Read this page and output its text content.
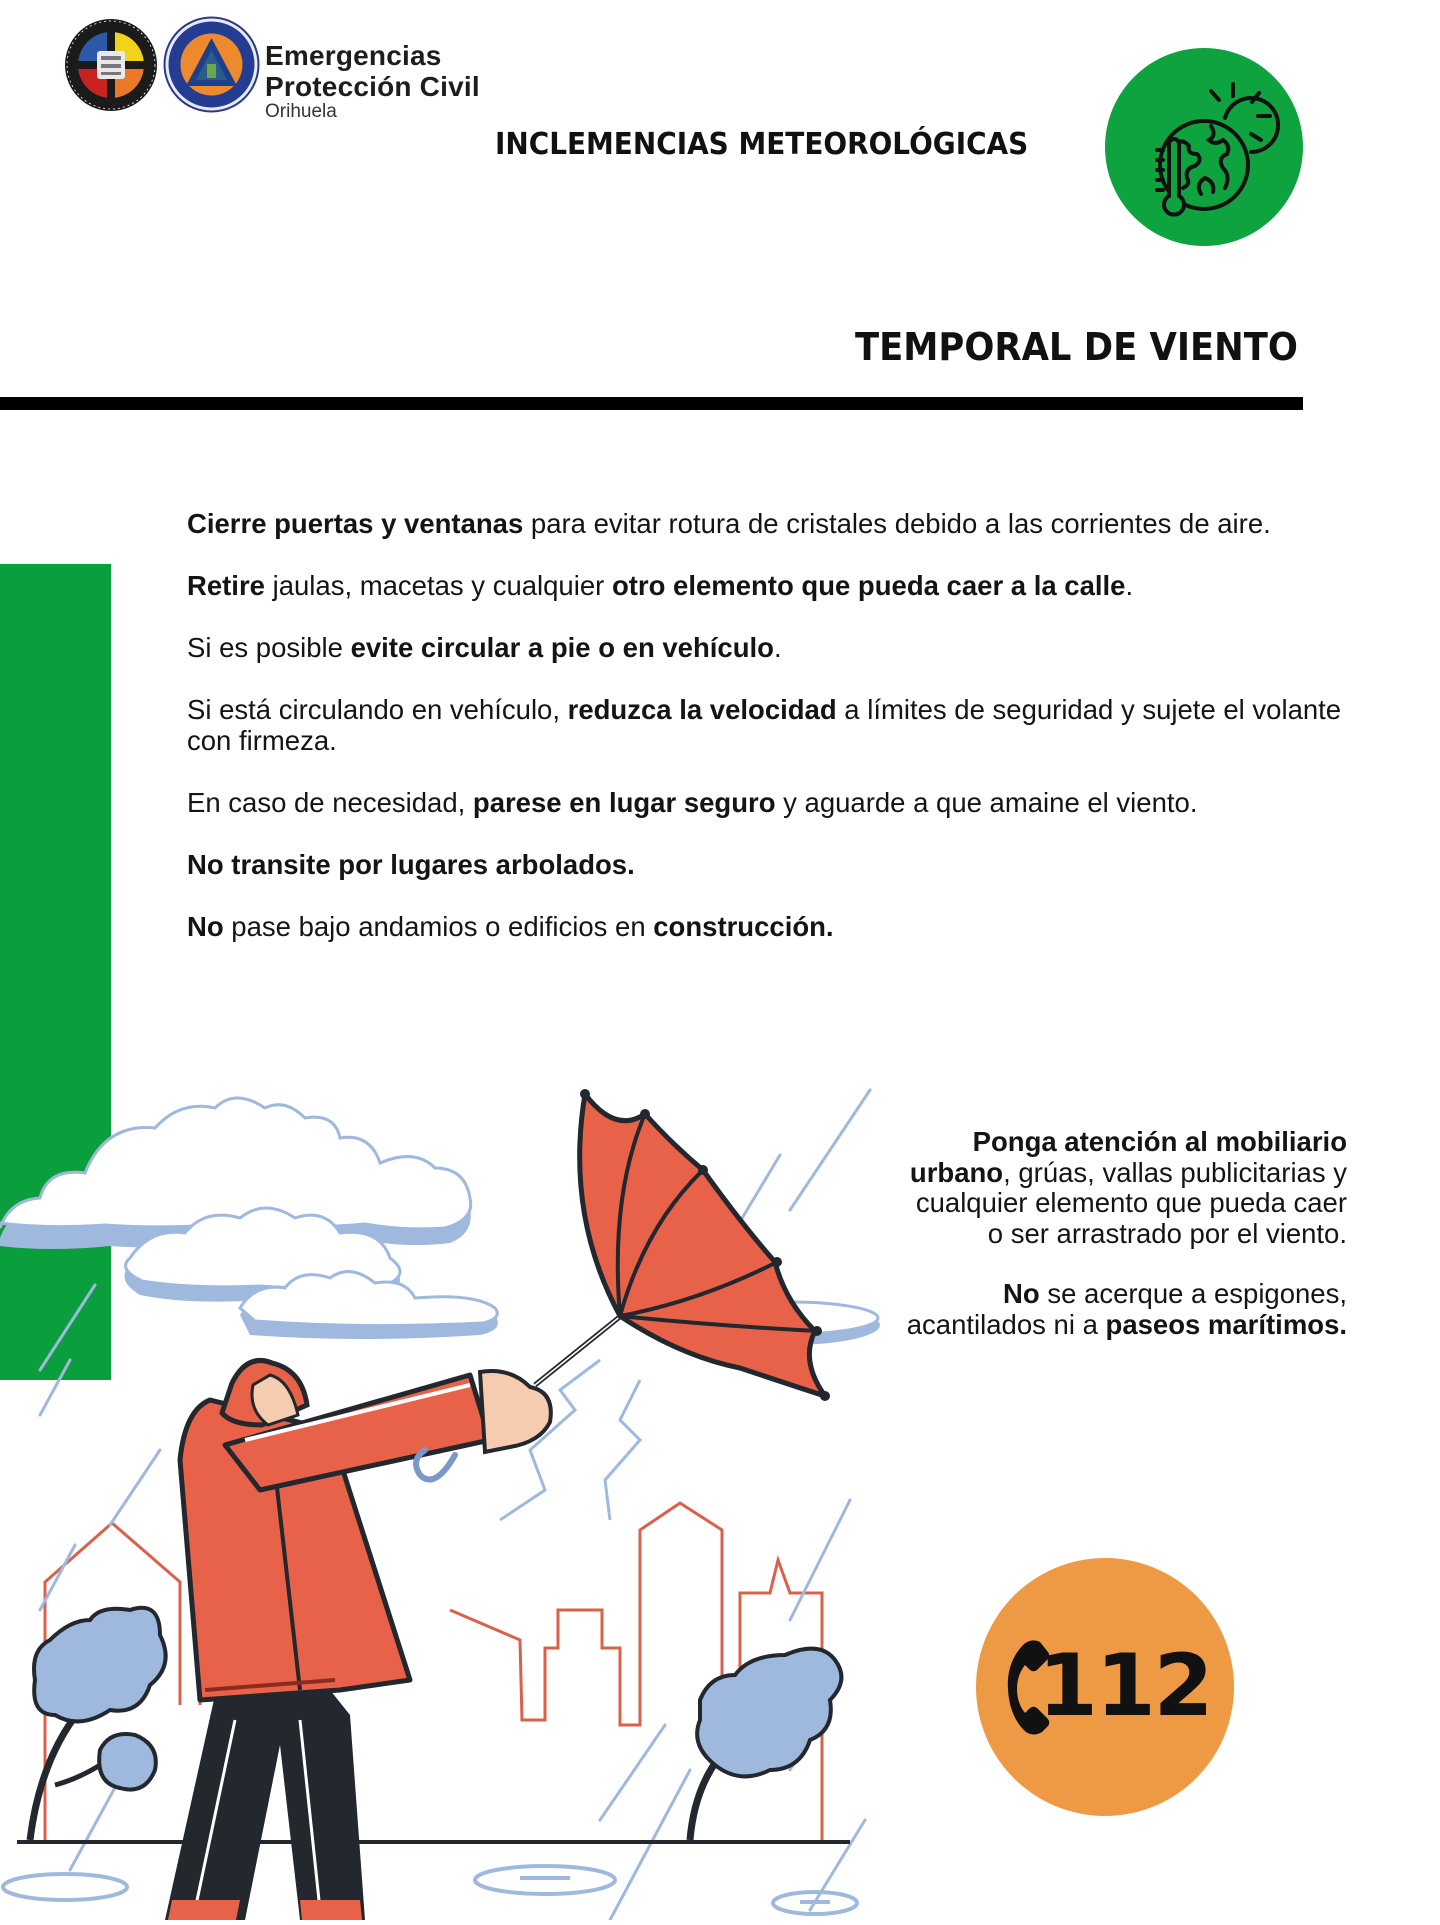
Emergencias
Protección Civil
Orihuela
INCLEMENCIAS METEOROLÓGICAS
TEMPORAL DE VIENTO

Cierre puertas y ventanas para evitar rotura de cristales debido a las corrientes de aire.

Retire jaulas, macetas y cualquier otro elemento que pueda caer a la calle.

Si es posible evite circular a pie o en vehículo.

Si está circulando en vehículo, reduzca la velocidad a límites de seguridad y sujete el volante con firmeza.

En caso de necesidad, parese en lugar seguro y aguarde a que amaine el viento.

No transite por lugares arbolados.

No pase bajo andamios o edificios en construcción.

Ponga atención al mobiliario urbano, grúas, vallas publicitarias y cualquier elemento que pueda caer o ser arrastrado por el viento.

No se acerque a espigones, acantilados ni a paseos marítimos.

112
